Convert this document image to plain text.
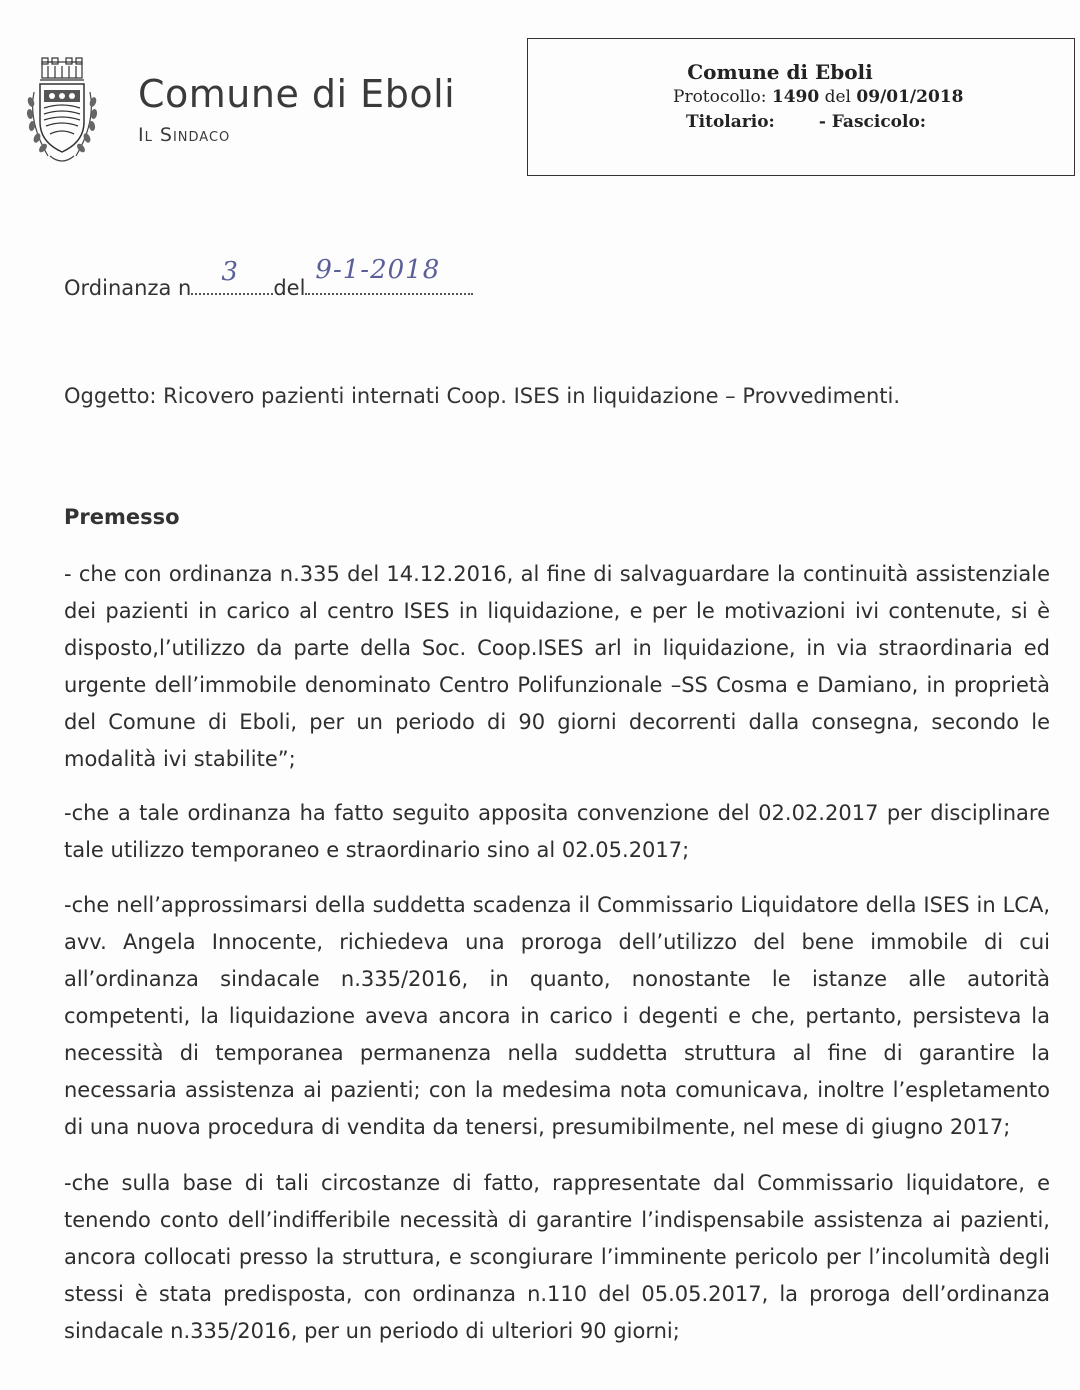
Comune di Eboli
Il Sindaco
Comune di Eboli
Protocollo: 1490 del 09/01/2018
Titolario:	- Fascicolo:
Ordinanza n
3
del
9-1-2018
Oggetto: Ricovero pazienti internati Coop. ISES in liquidazione – Provvedimenti.
Premesso
- che con ordinanza n.335 del 14.12.2016, al fine di salvaguardare la continuità assistenziale dei pazienti in carico al centro ISES in liquidazione, e per le motivazioni ivi contenute, si è disposto,l’utilizzo da parte della Soc. Coop.ISES arl in liquidazione, in via straordinaria ed urgente dell’immobile denominato Centro Polifunzionale –SS Cosma e Damiano, in proprietà del Comune di Eboli, per un periodo di 90 giorni decorrenti dalla consegna, secondo le modalità ivi stabilite”;
-che a tale ordinanza ha fatto seguito apposita convenzione del 02.02.2017 per disciplinare tale utilizzo temporaneo e straordinario sino al 02.05.2017;
-che nell’approssimarsi della suddetta scadenza il Commissario Liquidatore della ISES in LCA, avv. Angela Innocente, richiedeva una proroga dell’utilizzo del bene immobile di cui all’ordinanza sindacale n.335/2016, in quanto, nonostante le istanze alle autorità competenti, la liquidazione aveva ancora in carico i degenti e che, pertanto, persisteva la necessità di temporanea permanenza nella suddetta struttura al fine di garantire la necessaria assistenza ai pazienti; con la medesima nota comunicava, inoltre l’espletamento di una nuova procedura di vendita da tenersi, presumibilmente, nel mese di giugno 2017;
-che sulla base di tali circostanze di fatto, rappresentate dal Commissario liquidatore, e tenendo conto dell’indifferibile necessità di garantire l’indispensabile assistenza ai pazienti, ancora collocati presso la struttura, e scongiurare l’imminente pericolo per l’incolumità degli stessi è stata predisposta, con ordinanza n.110 del 05.05.2017, la proroga dell’ordinanza sindacale n.335/2016, per un periodo di ulteriori 90 giorni;
